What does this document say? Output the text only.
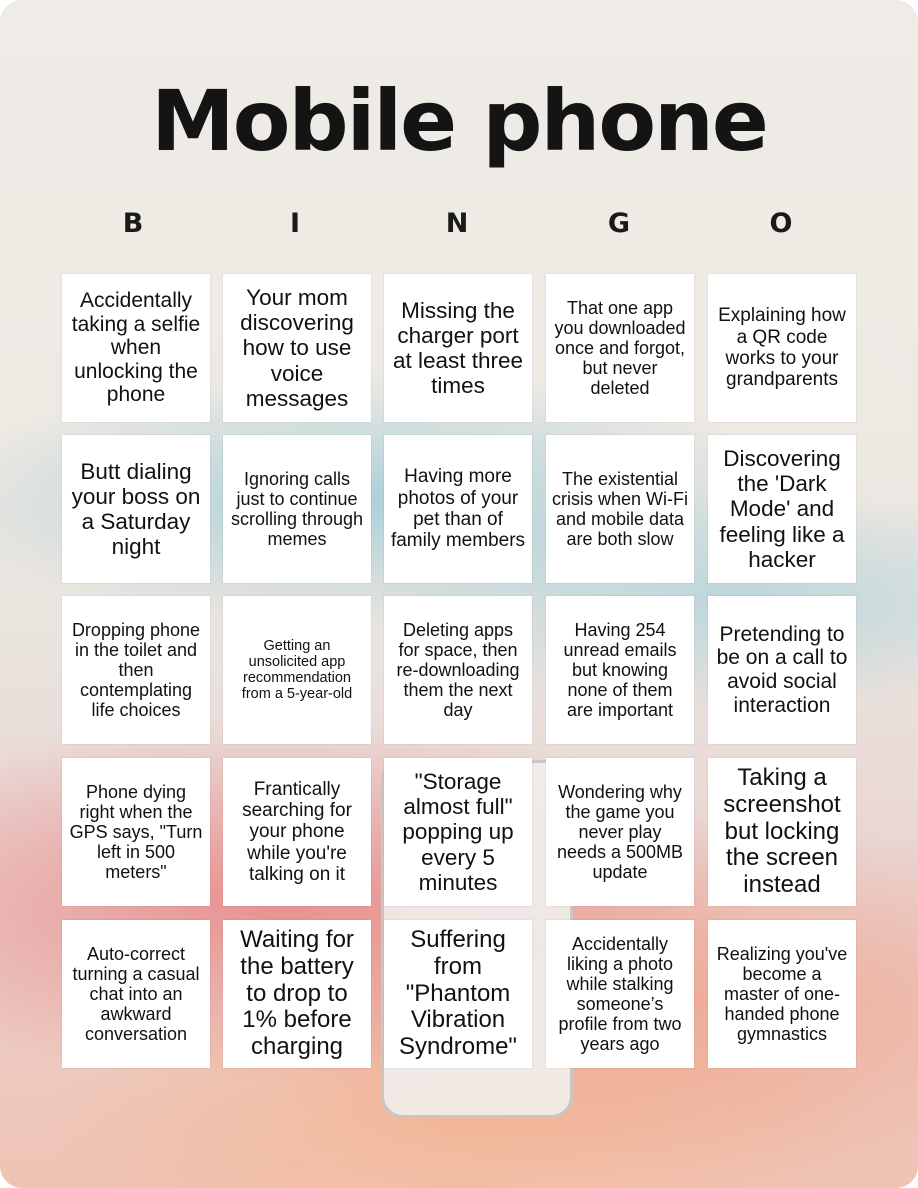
Mobile phone
B	I	N	G	O
Accidentally taking a selfie when unlocking the phone
Your mom discovering how to use voice messages
Missing the charger port at least three times
That one app you downloaded once and forgot, but never deleted
Explaining how a QR code works to your grandparents
Butt dialing your boss on a Saturday night
Ignoring calls just to continue scrolling through memes
Having more photos of your pet than of family members
The existential crisis when Wi-Fi and mobile data are both slow
Discovering the 'Dark Mode' and feeling like a hacker
Dropping phone in the toilet and then contemplating life choices
Getting an unsolicited app recommendation from a 5-year-old
Deleting apps for space, then re-downloading them the next day
Having 254 unread emails but knowing none of them are important
Pretending to be on a call to avoid social interaction
Phone dying right when the GPS says, "Turn left in 500 meters"
Frantically searching for your phone while you're talking on it
"Storage almost full" popping up every 5 minutes
Wondering why the game you never play needs a 500MB update
Taking a screenshot but locking the screen instead
Auto-correct turning a casual chat into an awkward conversation
Waiting for the battery to drop to 1% before charging
Suffering from "Phantom Vibration Syndrome"
Accidentally liking a photo while stalking someone’s profile from two years ago
Realizing you've become a master of one-handed phone gymnastics
